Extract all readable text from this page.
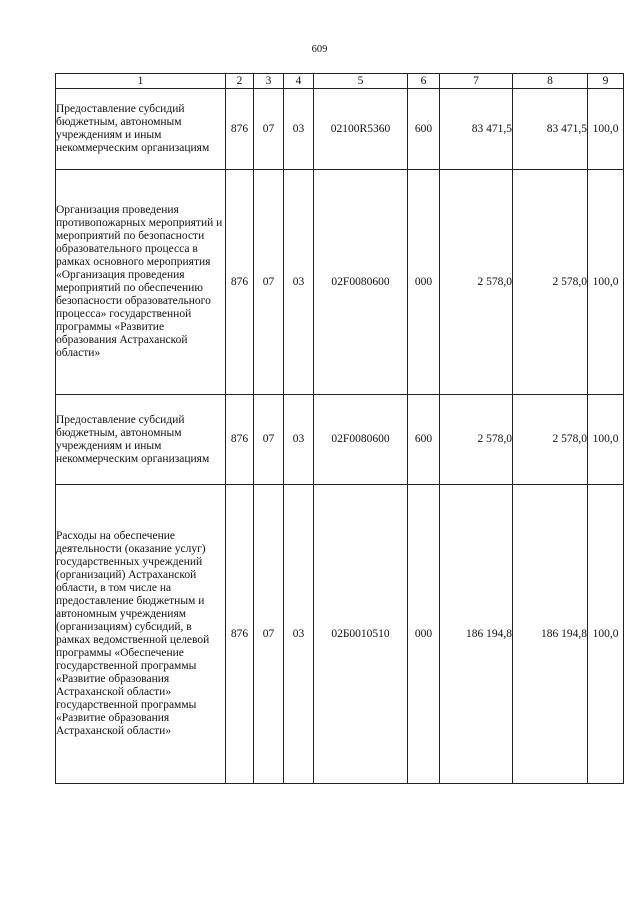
609
1	2	3	4	5	6	7	8	9
Предоставление субсидий бюджетным, автономным учреждениям и иным некоммерческим организациям	876	07	03	02100R5360	600	83 471,5	83 471,5	100,0
Организация проведения противопожарных мероприятий и мероприятий по безопасности образовательного процесса в рамках основного мероприятия «Организация проведения мероприятий по обеспечению безопасности образовательного процесса» государственной программы «Развитие образования Астраханской области»	876	07	03	02F0080600	000	2 578,0	2 578,0	100,0
Предоставление субсидий бюджетным, автономным учреждениям и иным некоммерческим организациям	876	07	03	02F0080600	600	2 578,0	2 578,0	100,0
Расходы на обеспечение деятельности (оказание услуг) государственных учреждений (организаций) Астраханской области, в том числе на предоставление бюджетным и автономным учреждениям (организациям) субсидий, в рамках ведомственной целевой программы «Обеспечение государственной программы «Развитие образования Астраханской области» государственной программы «Развитие образования Астраханской области»	876	07	03	02Б0010510	000	186 194,8	186 194,8	100,0
